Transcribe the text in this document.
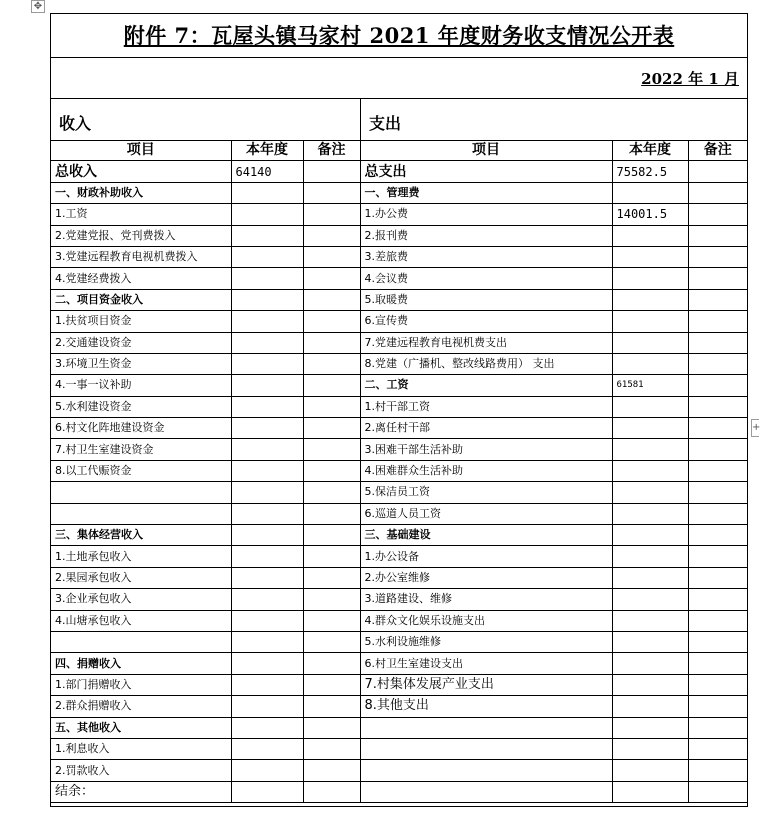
✥
+
附件 7：瓦屋头镇马家村 2021 年度财务收支情况公开表
2022 年 1 月
收入	支出
项目	本年度	备注	项目	本年度	备注
总收入	64140		总支出	75582.5	
一、财政补助收入			一、管理费		
1.工资			1.办公费	14001.5	
2.党建党报、党刊费拨入			2.报刊费		
3.党建远程教育电视机费拨入			3.差旅费		
4.党建经费拨入			4.会议费		
二、项目资金收入			5.取暖费		
1.扶贫项目资金			6.宣传费		
2.交通建设资金			7.党建远程教育电视机费支出		
3.环境卫生资金			8.党建（广播机、整改线路费用） 支出		
4.一事一议补助			二、工资	61581	
5.水利建设资金			1.村干部工资		
6.村文化阵地建设资金			2.离任村干部		
7.村卫生室建设资金			3.困难干部生活补助		
8.以工代赈资金			4.困难群众生活补助		
			5.保洁员工资		
			6.巡道人员工资		
三、集体经营收入			三、基础建设		
1.土地承包收入			1.办公设备		
2.果园承包收入			2.办公室维修		
3.企业承包收入			3.道路建设、维修		
4.山塘承包收入			4.群众文化娱乐设施支出		
			5.水利设施维修		
四、捐赠收入			6.村卫生室建设支出		
1.部门捐赠收入			7.村集体发展产业支出		
2.群众捐赠收入			8.其他支出		
五、其他收入					
1.利息收入					
2.罚款收入					
结余：					
